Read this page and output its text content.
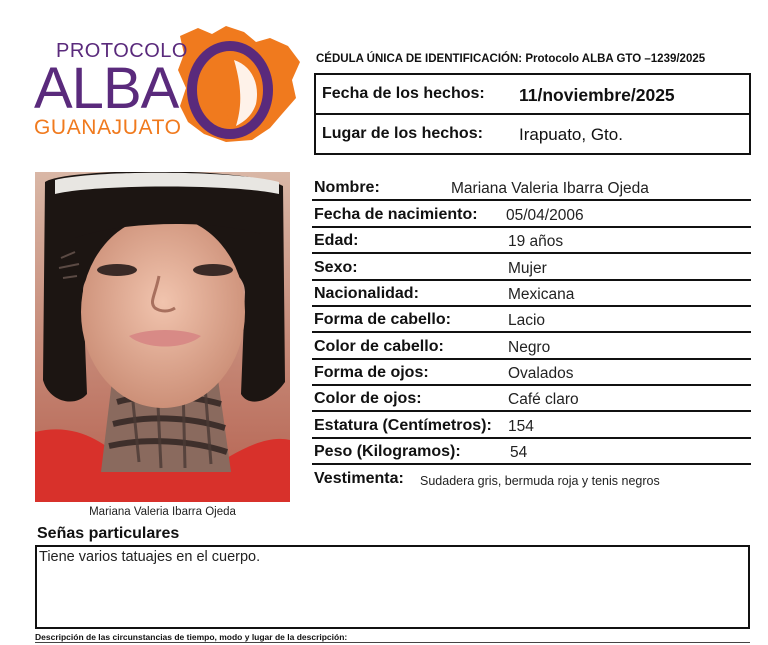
PROTOCOLO
ALBA
GUANAJUATO
CÉDULA ÚNICA DE IDENTIFICACIÓN: Protocolo ALBA GTO –1239/2025
Fecha de los hechos: 11/noviembre/2025
Lugar de los hechos: Irapuato, Gto.
Mariana Valeria Ibarra Ojeda
Nombre:	Mariana Valeria Ibarra Ojeda
Fecha de nacimiento: 05/04/2006
Edad:	19 años
Sexo:	Mujer
Nacionalidad:	Mexicana
Forma de cabello:	Lacio
Color de cabello:	Negro
Forma de ojos:	Ovalados
Color de ojos:	Café claro
Estatura (Centímetros): 154
Peso (Kilogramos):	54
Vestimenta: Sudadera gris, bermuda roja y tenis negros
Señas particulares
Tiene varios tatuajes en el cuerpo.
Descripción de las circunstancias de tiempo, modo y lugar de la descripción:
